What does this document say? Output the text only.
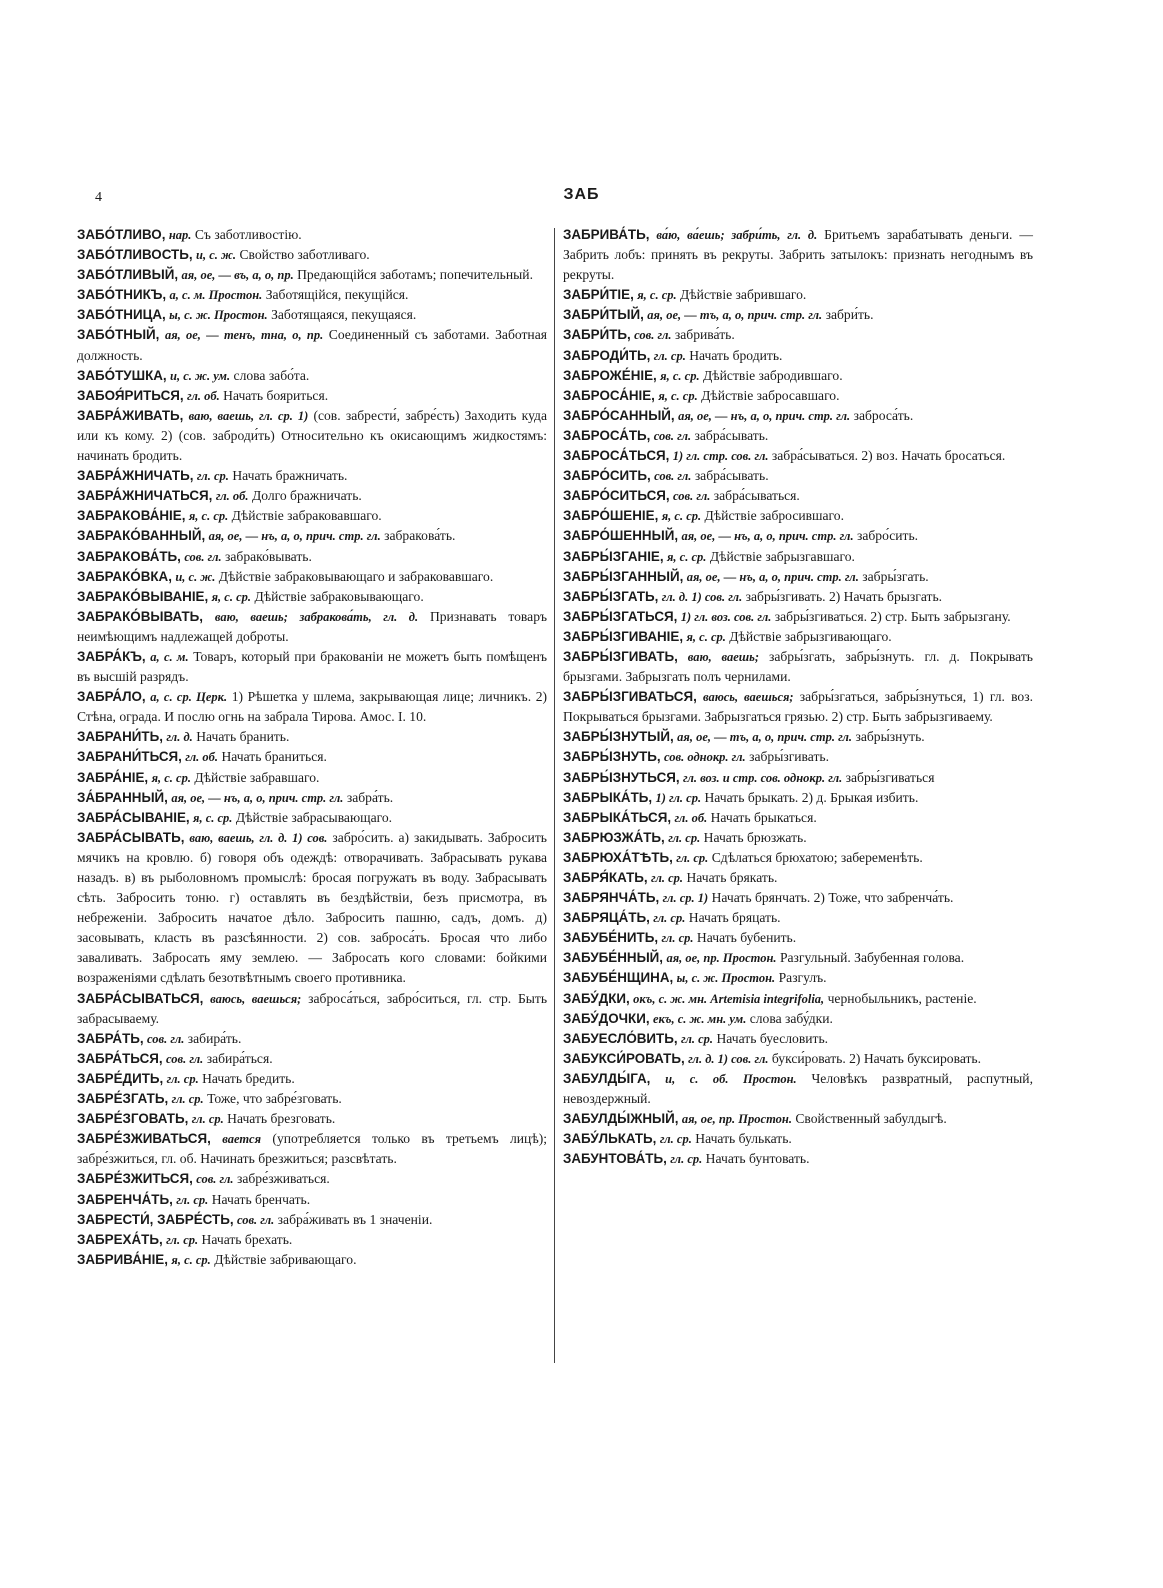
4	ЗАБ
ЗАБО́ТЛИВО, нар. Съ заботливостію.
ЗАБО́ТЛИВОСТЬ, и, с. ж. Свойство заботливаго.
ЗАБО́ТЛИВЫЙ, ая, ое, — въ, а, о, пр. Предающійся заботамъ; попечительный.
ЗАБО́ТНИКЪ, а, с. м. Простон. Заботящійся, пекущійся.
ЗАБО́ТНИЦА, ы, с. ж. Простон. Заботящаяся, пекущаяся.
ЗАБО́ТНЫЙ, ая, ое, — тенъ, тна, о, пр. Соединенный съ заботами. Заботная должность.
ЗАБО́ТУШКА, и, с. ж. ум. слова забо́та.
ЗАБОЯ́РИТЬСЯ, гл. об. Начать бояриться.
ЗАБРА́ЖИВАТЬ, ваю, ваешь, гл. ср. 1) (сов. забрести́, забре́сть) Заходить куда или къ кому. 2) (сов. заброди́ть) Относительно къ окисающимъ жидкостямъ: начинать бродить.
ЗАБРА́ЖНИЧАТЬ, гл. ср. Начать бражничать.
ЗАБРА́ЖНИЧАТЬСЯ, гл. об. Долго бражничать.
ЗАБРАКОВА́НІЕ, я, с. ср. Дѣйствіе забраковавшаго.
ЗАБРАКО́ВАННЫЙ, ая, ое, — нъ, а, о, прич. стр. гл. забракова́ть.
ЗАБРАКОВА́ТЬ, сов. гл. забрако́вывать.
ЗАБРАКО́ВКА, и, с. ж. Дѣйствіе забраковывающаго и забраковавшаго.
ЗАБРАКО́ВЫВАНІЕ, я, с. ср. Дѣйствіе забраковывающаго.
ЗАБРАКО́ВЫВАТЬ, ваю, ваешь; забракова́ть, гл. д. Признавать товаръ неимѣющимъ надлежащей доброты.
ЗАБРА́КЪ, а, с. м. Товаръ, который при бракованіи не можетъ быть помѣщенъ въ высшій разрядъ.
ЗАБРА́ЛО, а, с. ср. Церк. 1) Рѣшетка у шлема, закрывающая лице; личникъ. 2) Стѣна, ограда. И послю огнь на забрала Тирова. Амос. I. 10.
ЗАБРАНИ́ТЬ, гл. д. Начать бранить.
ЗАБРАНИ́ТЬСЯ, гл. об. Начать браниться.
ЗАБРА́НІЕ, я, с. ср. Дѣйствіе забравшаго.
ЗА́БРАННЫЙ, ая, ое, — нъ, а, о, прич. стр. гл. забра́ть.
ЗАБРА́СЫВАНІЕ, я, с. ср. Дѣйствіе забрасывающаго.
ЗАБРА́СЫВАТЬ, ваю, ваешь, гл. д. 1) сов. забро́сить. а) закидывать. Забросить мячикъ на кровлю. б) говоря объ одеждѣ: отворачивать. Забрасывать рукава назадъ. в) въ рыболовномъ промыслѣ: бросая погружать въ воду. Забрасывать сѣть. Забросить тоню. г) оставлять въ бездѣйствіи, безъ присмотра, въ небреженіи. Забросить начатое дѣло. Забросить пашню, садъ, домъ. д) засовывать, класть въ разсѣянности. 2) сов. заброса́ть. Бросая что либо заваливать. Забросать яму землею. — Забросать кого словами: бойкими возраженіями сдѣлать безотвѣтнымъ своего противника.
ЗАБРА́СЫВАТЬСЯ, ваюсь, ваешься; заброса́ться, забро́ситься, гл. стр. Быть забрасываему.
ЗАБРА́ТЬ, сов. гл. забира́ть.
ЗАБРА́ТЬСЯ, сов. гл. забира́ться.
ЗАБРЕ́ДИТЬ, гл. ср. Начать бредить.
ЗАБРЕ́ЗГАТЬ, гл. ср. Тоже, что забре́зговать.
ЗАБРЕ́ЗГОВАТЬ, гл. ср. Начать брезговать.
ЗАБРЕ́ЗЖИВАТЬСЯ, вается (употребляется только въ третьемъ лицѣ); забре́зжиться, гл. об. Начинать брезжиться; разсвѣтать.
ЗАБРЕ́ЗЖИТЬСЯ, сов. гл. забре́зживаться.
ЗАБРЕНЧА́ТЬ, гл. ср. Начать бренчать.
ЗАБРЕСТИ́, ЗАБРЕ́СТЬ, сов. гл. забра́живать въ 1 значеніи.
ЗАБРЕХА́ТЬ, гл. ср. Начать брехать.
ЗАБРИВА́НІЕ, я, с. ср. Дѣйствіе забривающаго.
ЗАБРИВА́ТЬ, ва́ю, ва́ешь; забри́ть, гл. д. Бритьемъ зарабатывать деньги. — Забрить лобъ: принять въ рекруты. Забрить затылокъ: признать негоднымъ въ рекруты.
ЗАБРИ́ТІЕ, я, с. ср. Дѣйствіе забрившаго.
ЗАБРИ́ТЫЙ, ая, ое, — тъ, а, о, прич. стр. гл. забри́ть.
ЗАБРИ́ТЬ, сов. гл. забрива́ть.
ЗАБРОДИ́ТЬ, гл. ср. Начать бродить.
ЗАБРОЖЕ́НІЕ, я, с. ср. Дѣйствіе забродившаго.
ЗАБРОСА́НІЕ, я, с. ср. Дѣйствіе забросавшаго.
ЗАБРО́САННЫЙ, ая, ое, — нъ, а, о, прич. стр. гл. заброса́ть.
ЗАБРОСА́ТЬ, сов. гл. забра́сывать.
ЗАБРОСА́ТЬСЯ, 1) гл. стр. сов. гл. забра́сываться. 2) воз. Начать бросаться.
ЗАБРО́СИТЬ, сов. гл. забра́сывать.
ЗАБРО́СИТЬСЯ, сов. гл. забра́сываться.
ЗАБРО́ШЕНІЕ, я, с. ср. Дѣйствіе забросившаго.
ЗАБРО́ШЕННЫЙ, ая, ое, — нъ, а, о, прич. стр. гл. забро́сить.
ЗАБРЫ́ЗГАНІЕ, я, с. ср. Дѣйствіе забрызгавшаго.
ЗАБРЫ́ЗГАННЫЙ, ая, ое, — нъ, а, о, прич. стр. гл. забры́згать.
ЗАБРЫ́ЗГАТЬ, гл. д. 1) сов. гл. забры́згивать. 2) Начать брызгать.
ЗАБРЫ́ЗГАТЬСЯ, 1) гл. воз. сов. гл. забры́згиваться. 2) стр. Быть забрызгану.
ЗАБРЫ́ЗГИВАНІЕ, я, с. ср. Дѣйствіе забрызгивающаго.
ЗАБРЫ́ЗГИВАТЬ, ваю, ваешь; забры́згать, забры́знуть. гл. д. Покрывать брызгами. Забрызгать полъ чернилами.
ЗАБРЫ́ЗГИВАТЬСЯ, ваюсь, ваешься; забры́згаться, забры́знуться, 1) гл. воз. Покрываться брызгами. Забрызгаться грязью. 2) стр. Быть забрызгиваему.
ЗАБРЫ́ЗНУТЫЙ, ая, ое, — тъ, а, о, прич. стр. гл. забры́знуть.
ЗАБРЫ́ЗНУТЬ, сов. однокр. гл. забры́згивать.
ЗАБРЫ́ЗНУТЬСЯ, гл. воз. и стр. сов. однокр. гл. забры́згиваться
ЗАБРЫКА́ТЬ, 1) гл. ср. Начать брыкать. 2) д. Брыкая избить.
ЗАБРЫКА́ТЬСЯ, гл. об. Начать брыкаться.
ЗАБРЮЗЖА́ТЬ, гл. ср. Начать брюзжать.
ЗАБРЮХА́ТѢТЬ, гл. ср. Сдѣлаться брюхатою; забеременѣть.
ЗАБРЯ́КАТЬ, гл. ср. Начать брякать.
ЗАБРЯНЧА́ТЬ, гл. ср. 1) Начать брянчать. 2) Тоже, что забренча́ть.
ЗАБРЯЦА́ТЬ, гл. ср. Начать бряцать.
ЗАБУБЕ́НИТЬ, гл. ср. Начать бубенить.
ЗАБУБЕ́ННЫЙ, ая, ое, пр. Простон. Разгульный. Забубенная голова.
ЗАБУБЕ́НЩИНА, ы, с. ж. Простон. Разгулъ.
ЗАБУ́ДКИ, окъ, с. ж. мн. Artemisia integrifolia, чернобыльникъ, растеніе.
ЗАБУ́ДОЧКИ, екъ, с. ж. мн. ум. слова забу́дки.
ЗАБУЕСЛО́ВИТЬ, гл. ср. Начать буесловить.
ЗАБУКСИ́РОВАТЬ, гл. д. 1) сов. гл. букси́ровать. 2) Начать буксировать.
ЗАБУЛДЫ́ГА, и, с. об. Простон. Человѣкъ развратный, распутный, невоздержный.
ЗАБУЛДЫ́ЖНЫЙ, ая, ое, пр. Простон. Свойственный забулдыгѣ.
ЗАБУ́ЛЬКАТЬ, гл. ср. Начать булькать.
ЗАБУНТОВА́ТЬ, гл. ср. Начать бунтовать.
